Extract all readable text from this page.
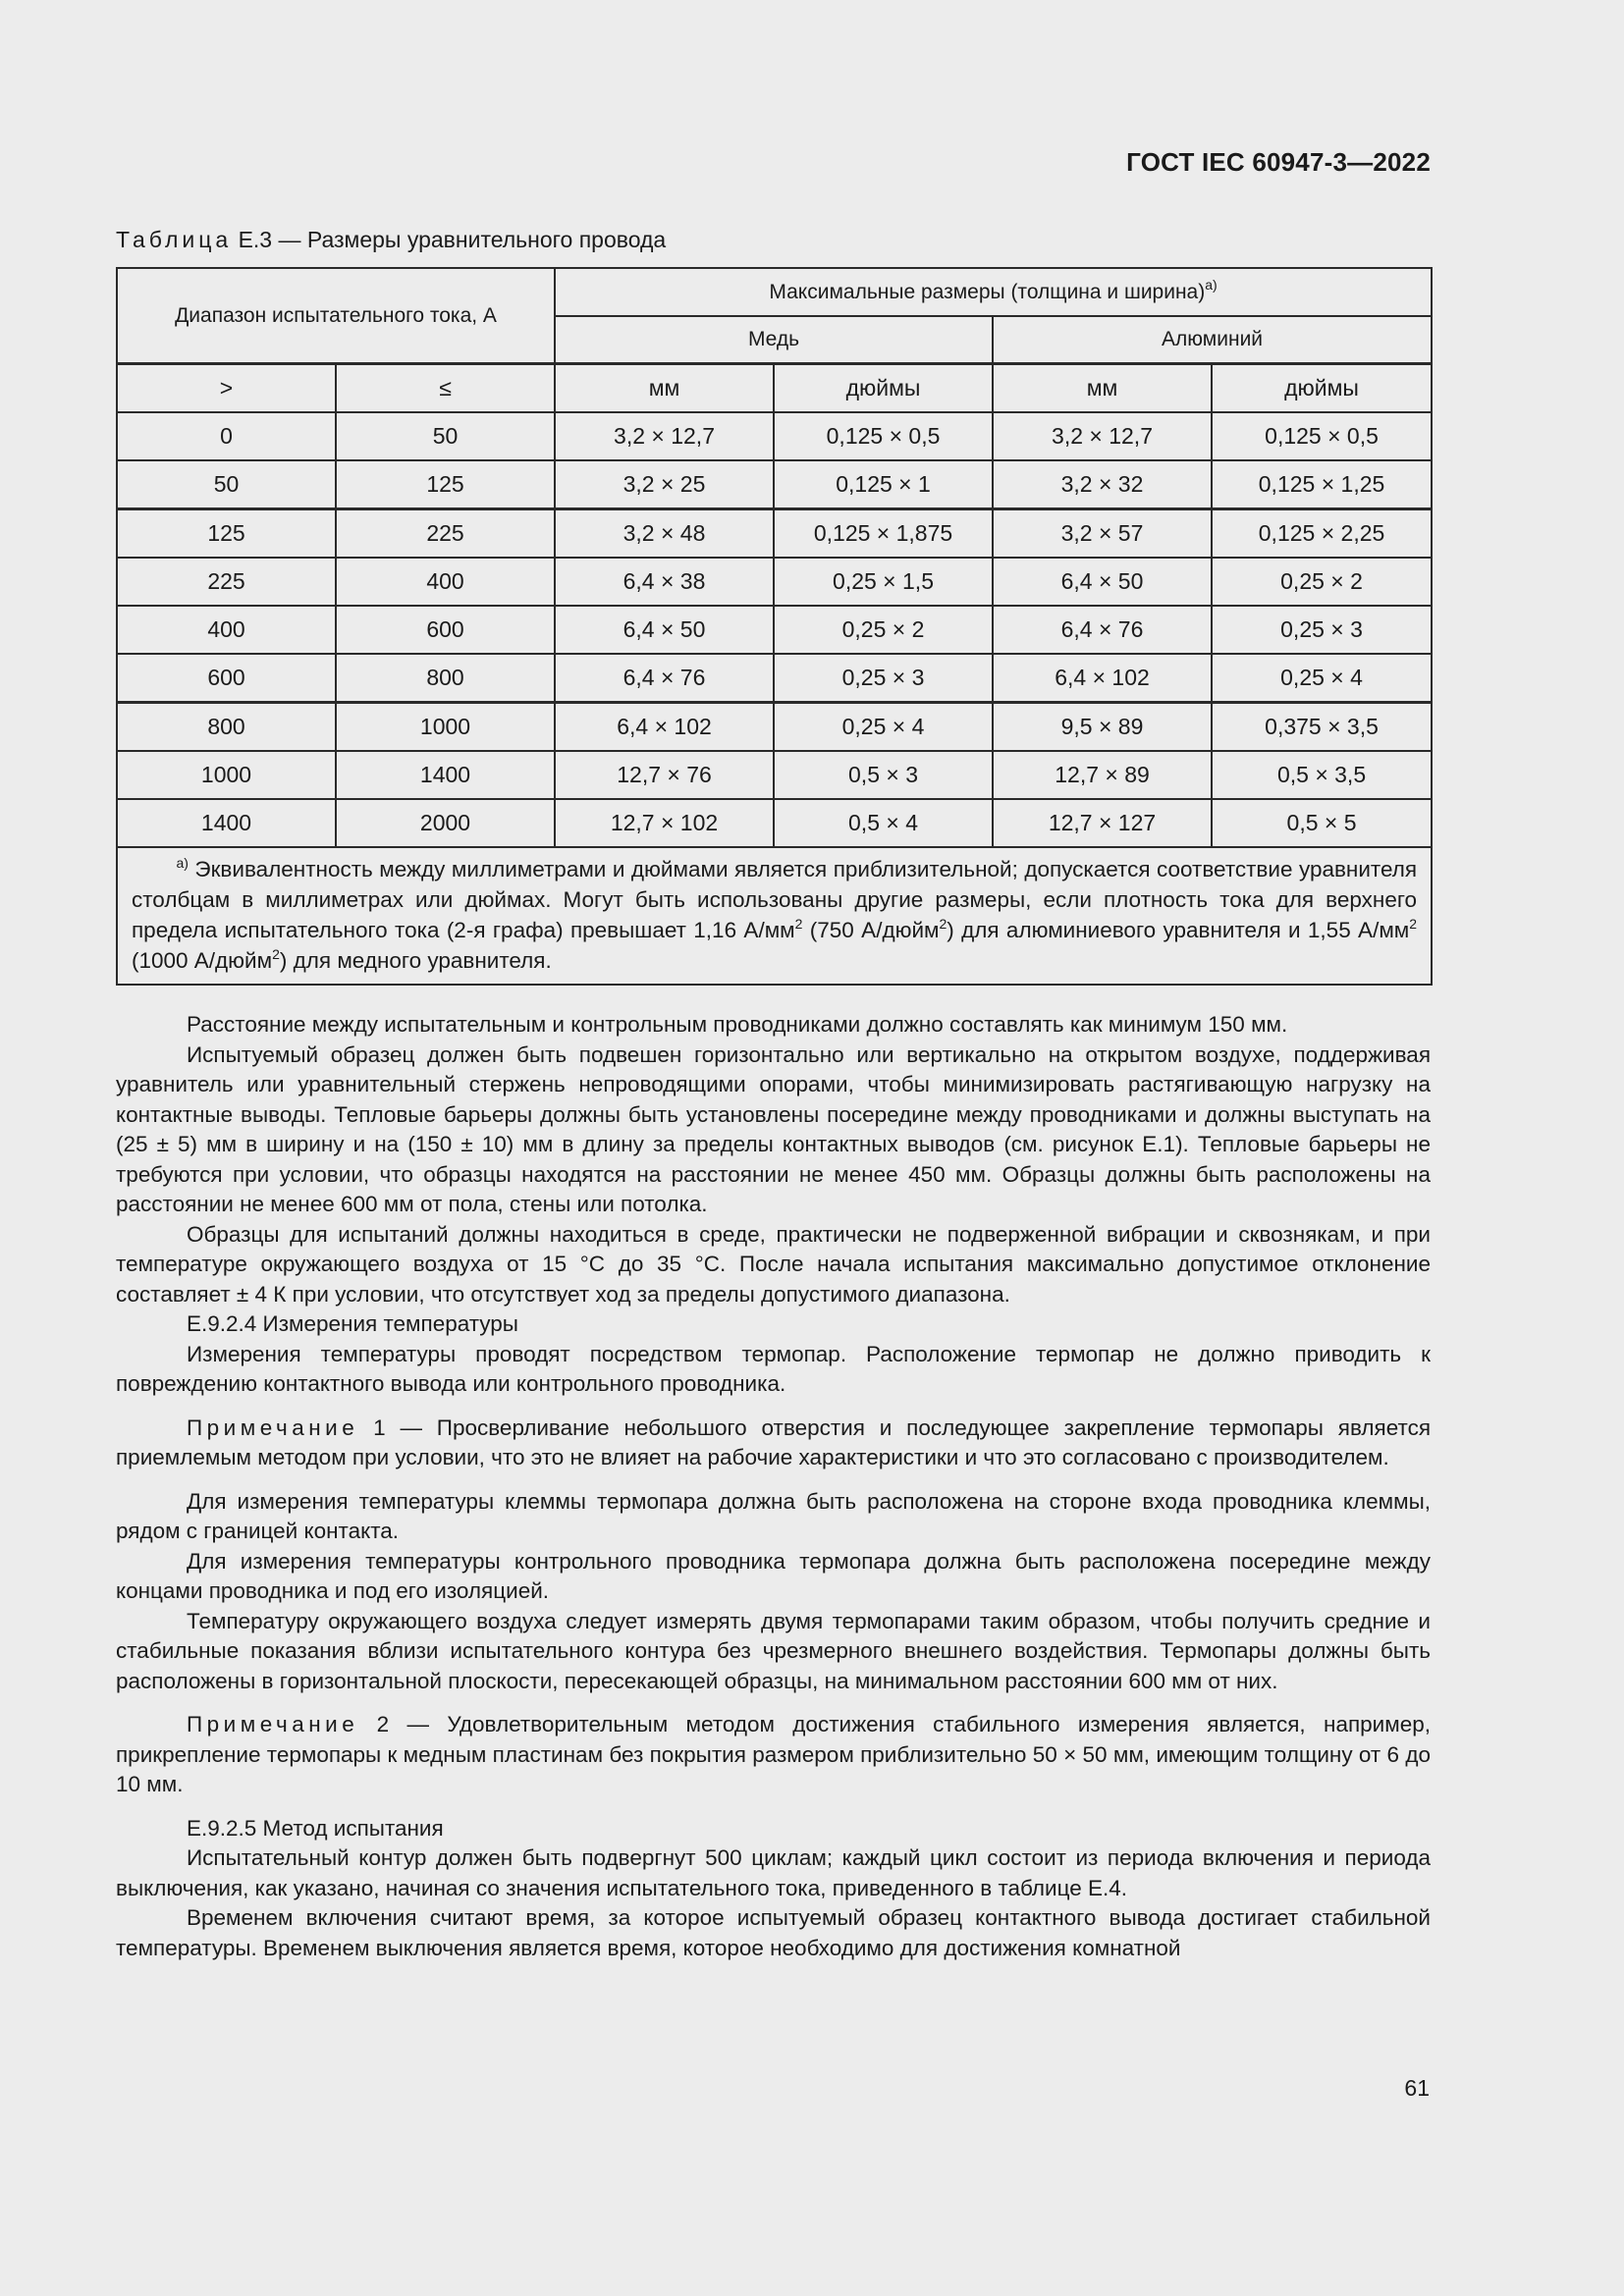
ГОСТ IEC 60947-3—2022
Таблица Е.3 — Размеры уравнительного провода
Диапазон испытательного тока, А		Максимальные размеры (толщина и ширина)$^{a)}$
		Медь		Алюминий	
>	≤	мм	дюймы	мм	дюймы
0	50	3,2 × 12,7	0,125 × 0,5	3,2 × 12,7	0,125 × 0,5
50	125	3,2 × 25	0,125 × 1	3,2 × 32	0,125 × 1,25
125	225	3,2 × 48	0,125 × 1,875	3,2 × 57	0,125 × 2,25
225	400	6,4 × 38	0,25 × 1,5	6,4 × 50	0,25 × 2
400	600	6,4 × 50	0,25 × 2	6,4 × 76	0,25 × 3
600	800	6,4 × 76	0,25 × 3	6,4 × 102	0,25 × 4
800	1000	6,4 × 102	0,25 × 4	9,5 × 89	0,375 × 3,5
1000	1400	12,7 × 76	0,5 × 3	12,7 × 89	0,5 × 3,5
1400	2000	12,7 × 102	0,5 × 4	12,7 × 127	0,5 × 5
$^{a)}$ Эквивалентность между миллиметрами и дюймами является приблизительной; допускается соответствие уравнителя столбцам в миллиметрах или дюймах. Могут быть использованы другие размеры, если плотность тока для верхнего предела испытательного тока (2-я графа) превышает 1,16 $А/мм^2$ (750 А/дюйм$^2$) для алюминиевого уравнителя и 1,55 $А/мм^2$ (1000 А/дюйм$^2$) для медного уравнителя.					

Расстояние между испытательным и контрольным проводниками должно составлять как минимум 150 мм.

Испытуемый образец должен быть подвешен горизонтально или вертикально на открытом воздухе, поддерживая уравнитель или уравнительный стержень непроводящими опорами, чтобы минимизировать растягивающую нагрузку на контактные выводы. Тепловые барьеры должны быть установлены посередине между проводниками и должны выступать на (25 ± 5) мм в ширину и на (150 ± 10) мм в длину за пределы контактных выводов (см. рисунок Е.1). Тепловые барьеры не требуются при условии, что образцы находятся на расстоянии не менее 450 мм. Образцы должны быть расположены на расстоянии не менее 600 мм от пола, стены или потолка.

Образцы для испытаний должны находиться в среде, практически не подверженной вибрации и сквознякам, и при температуре окружающего воздуха от 15 °С до 35 °С. После начала испытания максимально допустимое отклонение составляет ± 4 К при условии, что отсутствует ход за пределы допустимого диапазона.

Е.9.2.4 Измерения температуры

Измерения температуры проводят посредством термопар. Расположение термопар не должно приводить к повреждению контактного вывода или контрольного проводника.

Примечание 1 — Просверливание небольшого отверстия и последующее закрепление термопары является приемлемым методом при условии, что это не влияет на рабочие характеристики и что это согласовано с производителем.

Для измерения температуры клеммы термопара должна быть расположена на стороне входа проводника клеммы, рядом с границей контакта.

Для измерения температуры контрольного проводника термопара должна быть расположена посередине между концами проводника и под его изоляцией.

Температуру окружающего воздуха следует измерять двумя термопарами таким образом, чтобы получить средние и стабильные показания вблизи испытательного контура без чрезмерного внешнего воздействия. Термопары должны быть расположены в горизонтальной плоскости, пересекающей образцы, на минимальном расстоянии 600 мм от них.

Примечание 2 — Удовлетворительным методом достижения стабильного измерения является, например, прикрепление термопары к медным пластинам без покрытия размером приблизительно 50 × 50 мм, имеющим толщину от 6 до 10 мм.

Е.9.2.5 Метод испытания

Испытательный контур должен быть подвергнут 500 циклам; каждый цикл состоит из периода включения и периода выключения, как указано, начиная со значения испытательного тока, приведенного в таблице Е.4.

Временем включения считают время, за которое испытуемый образец контактного вывода достигает стабильной температуры. Временем выключения является время, которое необходимо для достижения комнатной

61
